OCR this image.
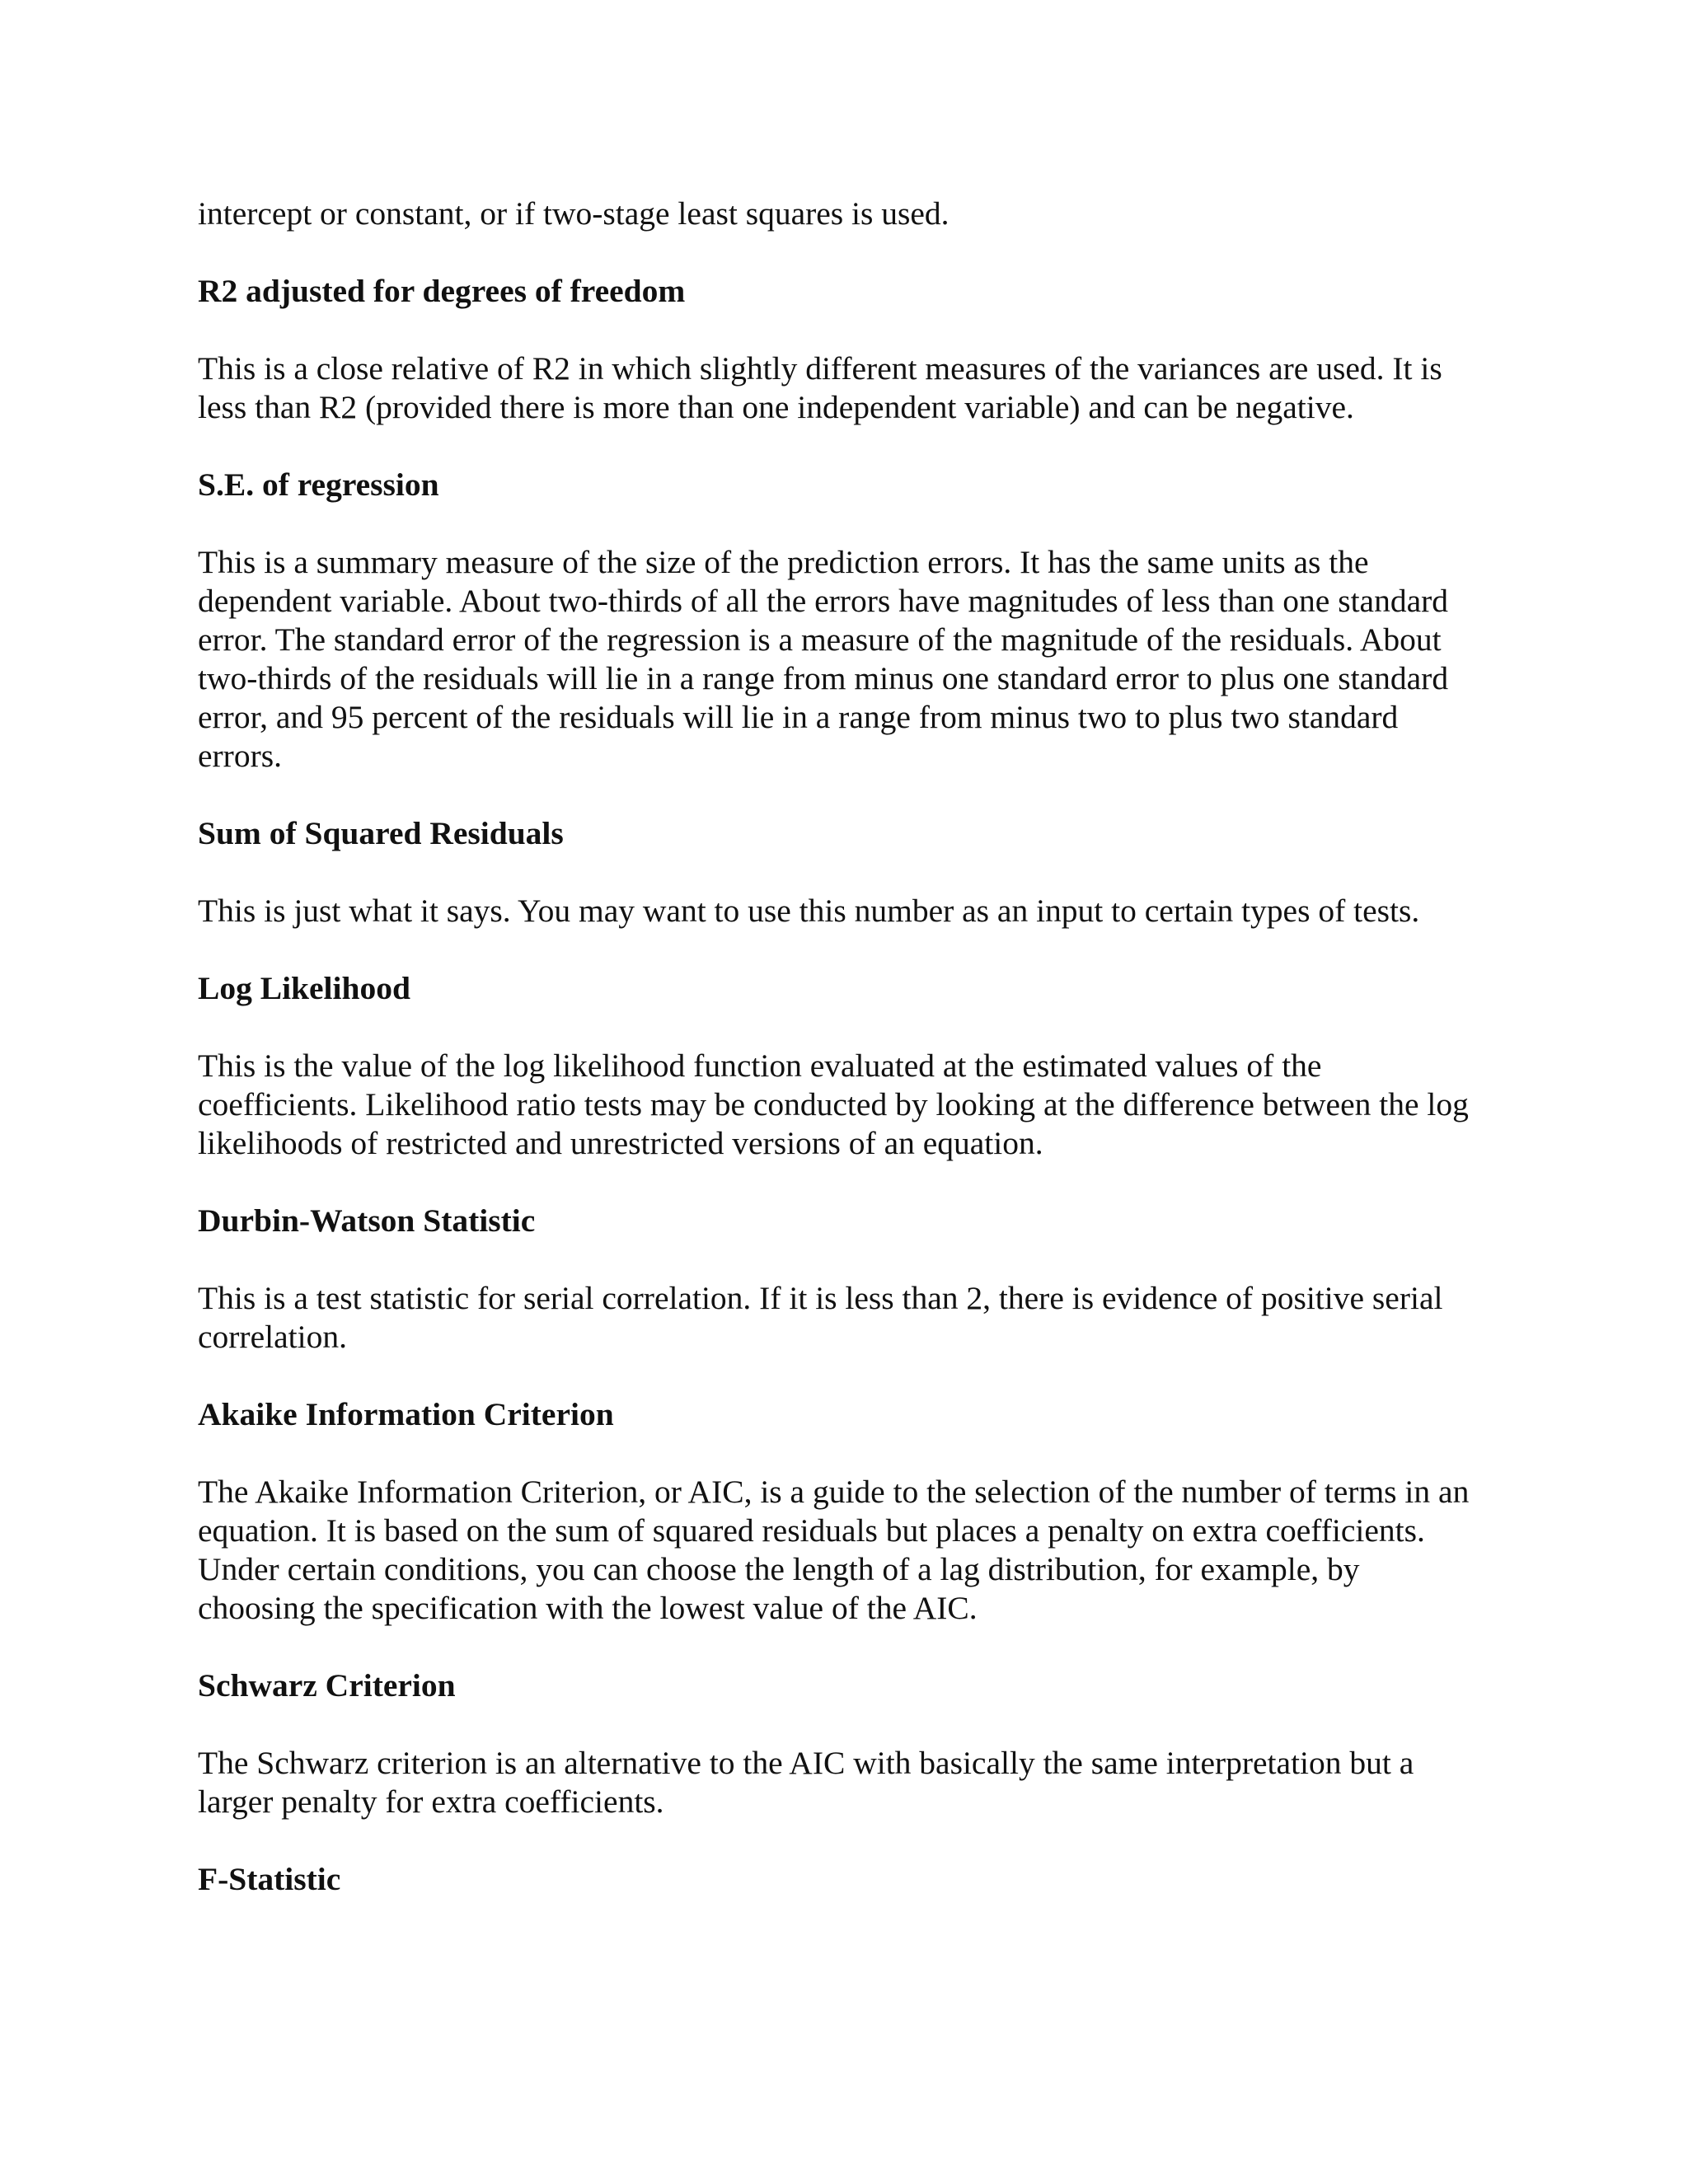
intercept or constant, or if two-stage least squares is used.

R2 adjusted for degrees of freedom

This is a close relative of R2 in which slightly different measures of the variances are used. It is less than R2 (provided there is more than one independent variable) and can be negative.

S.E. of regression

This is a summary measure of the size of the prediction errors. It has the same units as the dependent variable. About two-thirds of all the errors have magnitudes of less than one standard error. The standard error of the regression is a measure of the magnitude of the residuals. About two-thirds of the residuals will lie in a range from minus one standard error to plus one standard error, and 95 percent of the residuals will lie in a range from minus two to plus two standard errors.

Sum of Squared Residuals

This is just what it says. You may want to use this number as an input to certain types of tests.

Log Likelihood

This is the value of the log likelihood function evaluated at the estimated values of the coefficients. Likelihood ratio tests may be conducted by looking at the difference between the log likelihoods of restricted and unrestricted versions of an equation.

Durbin-Watson Statistic

This is a test statistic for serial correlation. If it is less than 2, there is evidence of positive serial correlation.

Akaike Information Criterion

The Akaike Information Criterion, or AIC, is a guide to the selection of the number of terms in an equation. It is based on the sum of squared residuals but places a penalty on extra coefficients. Under certain conditions, you can choose the length of a lag distribution, for example, by choosing the specification with the lowest value of the AIC.

Schwarz Criterion

The Schwarz criterion is an alternative to the AIC with basically the same interpretation but a larger penalty for extra coefficients.

F-Statistic
